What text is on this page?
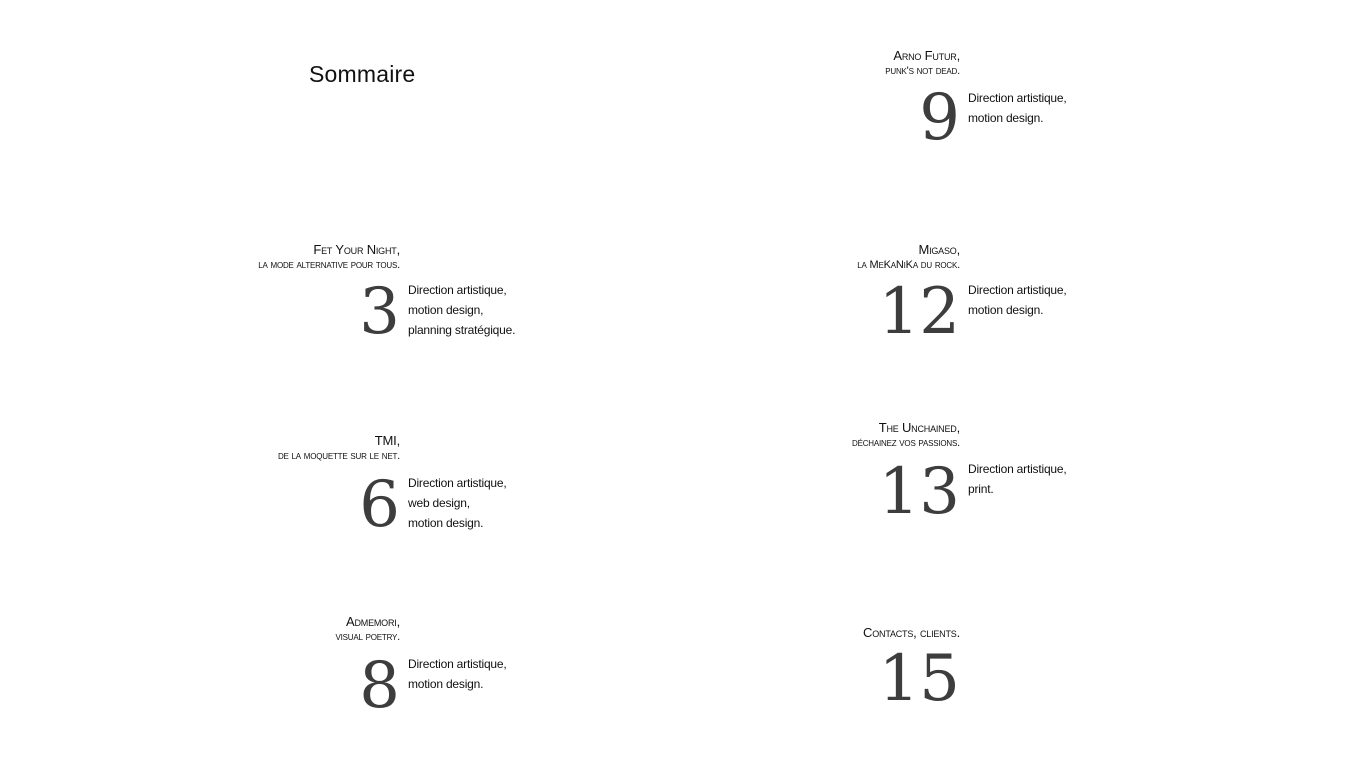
Sommaire
Fet Your Night,
la mode alternative pour tous.
3 Direction artistique,
motion design,
planning stratégique.
TMI,
de la moquette sur le net.
6 Direction artistique,
web design,
motion design.
Admemori,
visual poetry.
8 Direction artistique,
motion design.
Arno Futur,
punk's not dead.
9 Direction artistique,
motion design.
Migaso,
la MeKaNiKa du rock.
12 Direction artistique,
motion design.
The Unchained,
déchainez vos passions.
13 Direction artistique,
print.
Contacts, clients.
15
